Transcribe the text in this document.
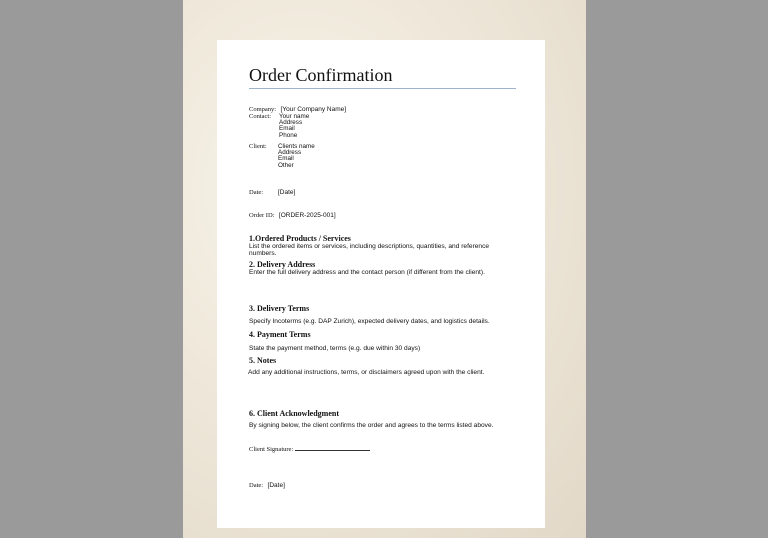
Order Confirmation
Company: [Your Company Name]
Contact: Your name
Address
Email
Phone
Client: Clients name
Address
Email
Other
Date: [Date]
Order ID: [ORDER-2025-001]
1.Ordered Products / Services
List the ordered items or services, including descriptions, quantities, and reference numbers.
2. Delivery Address
Enter the full delivery address and the contact person (if different from the client).
3. Delivery Terms
Specify Incoterms (e.g. DAP Zurich), expected delivery dates, and logistics details.
4. Payment Terms
State the payment method, terms (e.g. due within 30 days)
5. Notes
Add any additional instructions, terms, or disclaimers agreed upon with the client.
6. Client Acknowledgment
By signing below, the client confirms the order and agrees to the terms listed above.
Client Signature:
Date: [Date]
